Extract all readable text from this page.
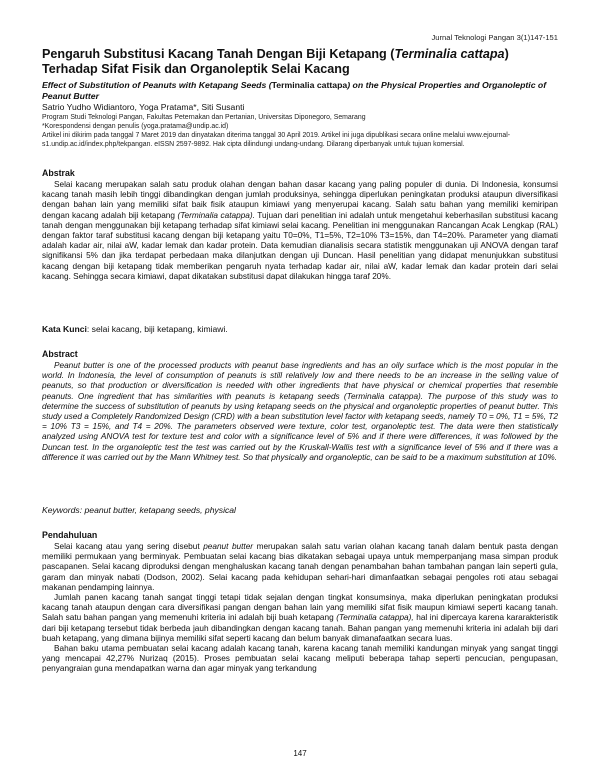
Jurnal Teknologi Pangan 3(1)147-151
Pengaruh Substitusi Kacang Tanah Dengan Biji Ketapang (Terminalia cattapa)
Terhadap Sifat Fisik dan Organoleptik Selai Kacang
Effect of Substitution of Peanuts with Ketapang Seeds (Terminalia cattapa) on the Physical Properties and Organoleptic of Peanut Butter
Satrio Yudho Widiantoro, Yoga Pratama*, Siti Susanti
Program Studi Teknologi Pangan, Fakultas Peternakan dan Pertanian, Universitas Diponegoro, Semarang
*Korespondensi dengan penulis (yoga.pratama@undip.ac.id)
Artikel ini dikirim pada tanggal 7 Maret 2019 dan dinyatakan diterima tanggal 30 April 2019. Artikel ini juga dipublikasi secara online melalui www.ejournal-s1.undip.ac.id/index.php/tekpangan. eISSN 2597-9892. Hak cipta dilindungi undang-undang. Dilarang diperbanyak untuk tujuan komersial.
Abstrak

Selai kacang merupakan salah satu produk olahan dengan bahan dasar kacang yang paling populer di dunia. Di Indonesia, konsumsi kacang tanah masih lebih tinggi dibandingkan dengan jumlah produksinya, sehingga diperlukan peningkatan produksi ataupun diversifikasi dengan bahan lain yang memiliki sifat baik fisik ataupun kimiawi yang menyerupai kacang. Salah satu bahan yang memiliki kemiripan dengan kacang adalah biji ketapang (Terminalia catappa). Tujuan dari penelitian ini adalah untuk mengetahui keberhasilan substitusi kacang tanah dengan menggunakan biji ketapang terhadap sifat kimiawi selai kacang. Penelitian ini menggunakan Rancangan Acak Lengkap (RAL) dengan faktor taraf substitusi kacang dengan biji ketapang yaitu T0=0%, T1=5%, T2=10% T3=15%, dan T4=20%. Parameter yang diamati adalah kadar air, nilai aW, kadar lemak dan kadar protein. Data kemudian dianalisis secara statistik menggunakan uji ANOVA dengan taraf signifikansi 5% dan jika terdapat perbedaan maka dilanjutkan dengan uji Duncan. Hasil penelitian yang didapat menunjukkan substitusi kacang dengan biji ketapang tidak memberikan pengaruh nyata terhadap kadar air, nilai aW, kadar lemak dan kadar protein dari selai kacang. Sehingga secara kimiawi, dapat dikatakan substitusi dapat dilakukan hingga taraf 20%.

Kata Kunci: selai kacang, biji ketapang, kimiawi.
Abstract

Peanut butter is one of the processed products with peanut base ingredients and has an oily surface which is the most popular in the world. In Indonesia, the level of consumption of peanuts is still relatively low and there needs to be an increase in the selling value of peanuts, so that production or diversification is needed with other ingredients that have physical or chemical properties that resemble peanuts. One ingredient that has similarities with peanuts is ketapang seeds (Terminalia catappa). The purpose of this study was to determine the success of substitution of peanuts by using ketapang seeds on the physical and organoleptic properties of peanut butter. This study used a Completely Randomized Design (CRD) with a bean substitution level factor with ketapang seeds, namely T0 = 0%, T1 = 5%, T2 = 10% T3 = 15%, and T4 = 20%. The parameters observed were texture, color test, organoleptic test. The data were then statistically analyzed using ANOVA test for texture test and color with a significance level of 5% and if there were differences, it was followed by the Duncan test. In the organoleptic test the test was carried out by the Kruskall-Wallis test with a significance level of 5% and if there was a difference it was carried out by the Mann Whitney test. So that physically and organoleptic, can be said to be a maximum substitution at 10%.

Keywords: peanut butter, ketapang seeds, physical
Pendahuluan

Selai kacang atau yang sering disebut peanut butter merupakan salah satu varian olahan kacang tanah dalam bentuk pasta dengan memiliki permukaan yang berminyak. Pembuatan selai kacang bias dikatakan sebagai upaya untuk memperpanjang masa simpan produk pascapanen. Selai kacang diproduksi dengan menghaluskan kacang tanah dengan penambahan bahan tambahan pangan lain seperti gula, garam dan minyak nabati (Dodson, 2002). Selai kacang pada kehidupan sehari-hari dimanfaatkan sebagai pengoles roti atau sebagai makanan pendamping lainnya.

Jumlah panen kacang tanah sangat tinggi tetapi tidak sejalan dengan tingkat konsumsinya, maka diperlukan peningkatan produksi kacang tanah ataupun dengan cara diversifikasi pangan dengan bahan lain yang memiliki sifat fisik maupun kimiawi seperti kacang tanah. Salah satu bahan pangan yang memenuhi kriteria ini adalah biji buah ketapang (Terminalia catappa), hal ini dipercaya karena kararakteristik dari biji ketapang tersebut tidak berbeda jauh dibandingkan dengan kacang tanah. Bahan pangan yang memenuhi kriteria ini adalah biji dari buah ketapang, yang dimana bijinya memiliki sifat seperti kacang dan belum banyak dimanafaatkan secara luas.

Bahan baku utama pembuatan selai kacang adalah kacang tanah, karena kacang tanah memiliki kandungan minyak yang sangat tinggi yang mencapai 42,27% Nurizaq (2015). Proses pembuatan selai kacang meliputi beberapa tahap seperti pencucian, pengupasan, penyangraian guna mendapatkan warna dan agar minyak yang terkandung

147
